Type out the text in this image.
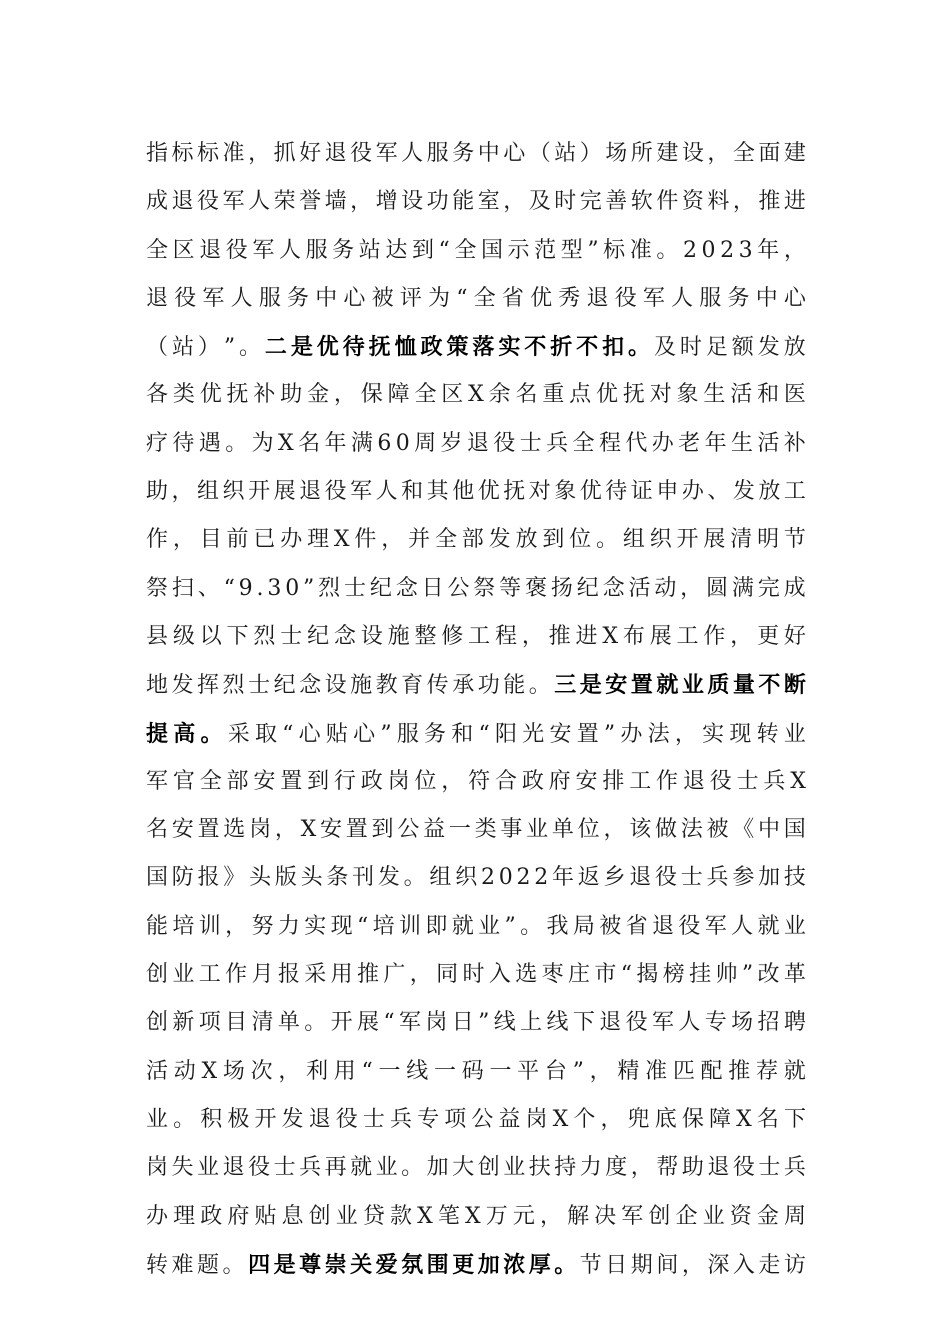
指 标 标 准 ， 抓 好 退 役 军 人 服 务 中 心 （ 站 ） 场 所 建 设 ， 全 面 建
成 退 役 军 人 荣 誉 墙 ， 增 设 功 能 室 ， 及 时 完 善 软 件 资 料 ， 推 进
全 区 退 役 军 人 服 务 站 达 到 “ 全 国 示 范 型 ” 标 准 。 2 0 2 3 年 ，
退 役 军 人 服 务 中 心 被 评 为 “ 全 省 优 秀 退 役 军 人 服 务 中 心
（ 站 ） ” 。 二 是 优 待 抚 恤 政 策 落 实 不 折 不 扣 。 及 时 足 额 发 放
各 类 优 抚 补 助 金 ， 保 障 全 区 X 余 名 重 点 优 抚 对 象 生 活 和 医
疗 待 遇 。 为 X 名 年 满 6 0 周 岁 退 役 士 兵 全 程 代 办 老 年 生 活 补
助 ， 组 织 开 展 退 役 军 人 和 其 他 优 抚 对 象 优 待 证 申 办 、 发 放 工
作 ， 目 前 已 办 理 X 件 ， 并 全 部 发 放 到 位 。 组 织 开 展 清 明 节
祭 扫 、 “ 9 . 3 0 ” 烈 士 纪 念 日 公 祭 等 褒 扬 纪 念 活 动 ， 圆 满 完 成
县 级 以 下 烈 士 纪 念 设 施 整 修 工 程 ， 推 进 X 布 展 工 作 ， 更 好
地 发 挥 烈 士 纪 念 设 施 教 育 传 承 功 能 。 三 是 安 置 就 业 质 量 不 断
提 高 。 采 取 “ 心 贴 心 ” 服 务 和 “ 阳 光 安 置 ” 办 法 ， 实 现 转 业
军 官 全 部 安 置 到 行 政 岗 位 ， 符 合 政 府 安 排 工 作 退 役 士 兵 X
名 安 置 选 岗 ， X 安 置 到 公 益 一 类 事 业 单 位 ， 该 做 法 被 《 中 国
国 防 报 》 头 版 头 条 刊 发 。 组 织 2 0 2 2 年 返 乡 退 役 士 兵 参 加 技
能 培 训 ， 努 力 实 现 “ 培 训 即 就 业 ” 。 我 局 被 省 退 役 军 人 就 业
创 业 工 作 月 报 采 用 推 广 ， 同 时 入 选 枣 庄 市 “ 揭 榜 挂 帅 ” 改 革
创 新 项 目 清 单 。 开 展 “ 军 岗 日 ” 线 上 线 下 退 役 军 人 专 场 招 聘
活 动 X 场 次 ， 利 用 “ 一 线 一 码 一 平 台 ” ， 精 准 匹 配 推 荐 就
业 。 积 极 开 发 退 役 士 兵 专 项 公 益 岗 X 个 ， 兜 底 保 障 X 名 下
岗 失 业 退 役 士 兵 再 就 业 。 加 大 创 业 扶 持 力 度 ， 帮 助 退 役 士 兵
办 理 政 府 贴 息 创 业 贷 款 X 笔 X 万 元 ， 解 决 军 创 企 业 资 金 周
转 难 题 。 四 是 尊 崇 关 爱 氛 围 更 加 浓 厚 。 节 日 期 间 ， 深 入 走 访
